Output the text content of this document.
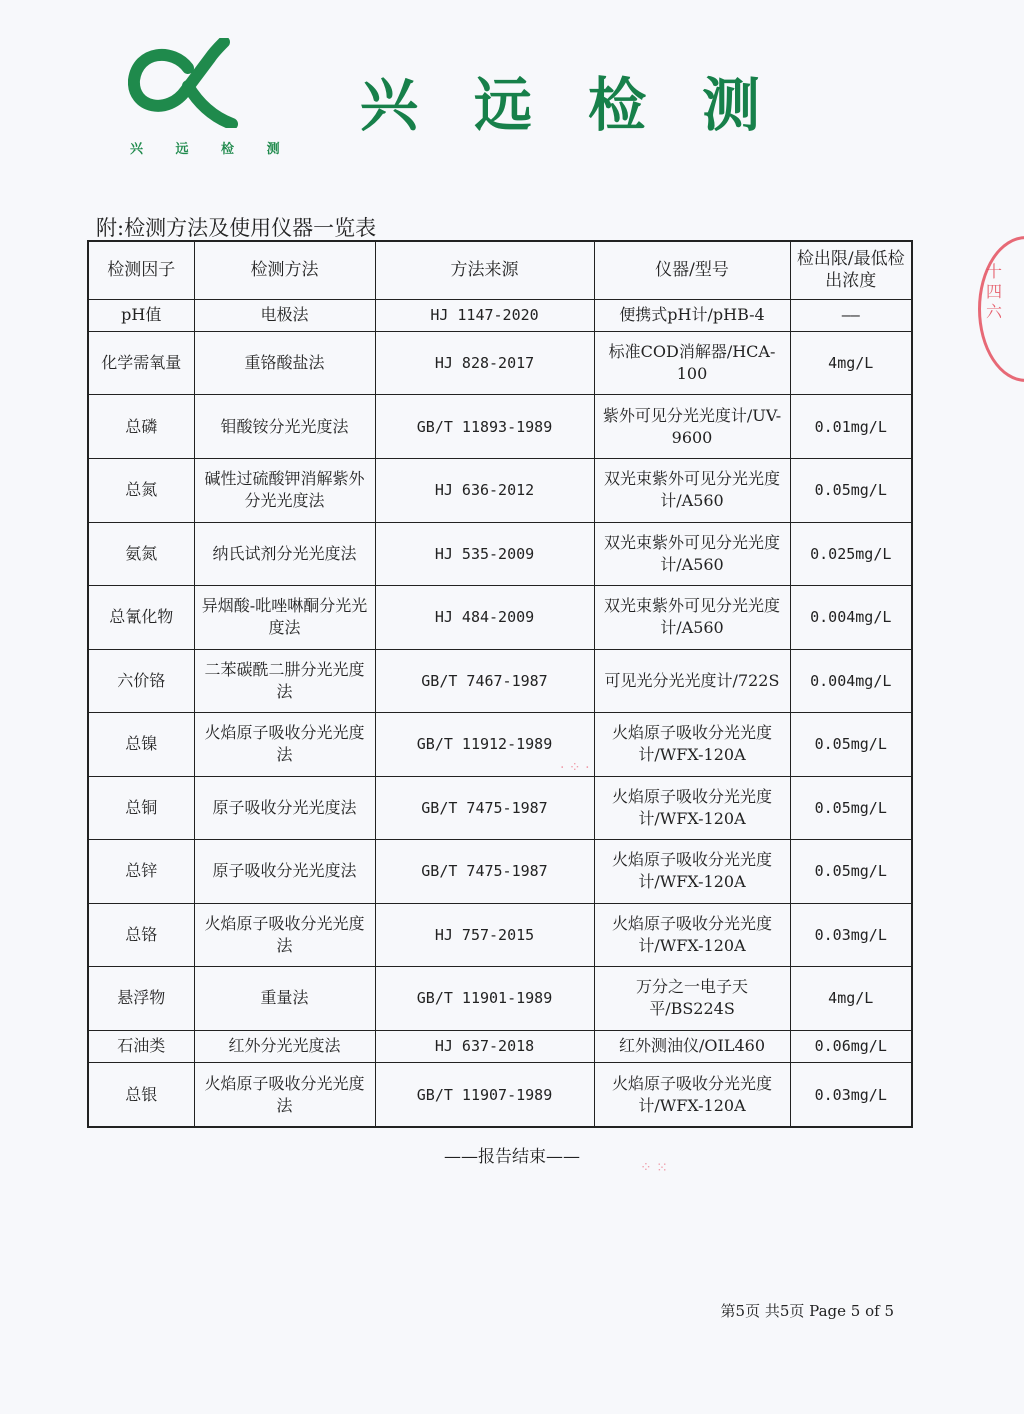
兴 远 检 测
兴远检测
十四六
⁘ ⁙
· ⁘ ·
附:检测方法及使用仪器一览表
检测因子	检测方法	方法来源	仪器/型号	检出限/最低检出浓度
pH值	电极法	HJ 1147-2020	便携式pH计/pHB-4	——
化学需氧量	重铬酸盐法	HJ 828-2017	标准COD消解器/HCA-100	4mg/L
总磷	钼酸铵分光光度法	GB/T 11893-1989	紫外可见分光光度计/UV-9600	0.01mg/L
总氮	碱性过硫酸钾消解紫外分光光度法	HJ 636-2012	双光束紫外可见分光光度计/A560	0.05mg/L
氨氮	纳氏试剂分光光度法	HJ 535-2009	双光束紫外可见分光光度计/A560	0.025mg/L
总氰化物	异烟酸-吡唑啉酮分光光度法	HJ 484-2009	双光束紫外可见分光光度计/A560	0.004mg/L
六价铬	二苯碳酰二肼分光光度法	GB/T 7467-1987	可见光分光光度计/722S	0.004mg/L
总镍	火焰原子吸收分光光度法	GB/T 11912-1989	火焰原子吸收分光光度计/WFX-120A	0.05mg/L
总铜	原子吸收分光光度法	GB/T 7475-1987	火焰原子吸收分光光度计/WFX-120A	0.05mg/L
总锌	原子吸收分光光度法	GB/T 7475-1987	火焰原子吸收分光光度计/WFX-120A	0.05mg/L
总铬	火焰原子吸收分光光度法	HJ 757-2015	火焰原子吸收分光光度计/WFX-120A	0.03mg/L
悬浮物	重量法	GB/T 11901-1989	万分之一电子天平/BS224S	4mg/L
石油类	红外分光光度法	HJ 637-2018	红外测油仪/OIL460	0.06mg/L
总银	火焰原子吸收分光光度法	GB/T 11907-1989	火焰原子吸收分光光度计/WFX-120A	0.03mg/L
——报告结束——
第5页 共5页 Page 5 of 5
